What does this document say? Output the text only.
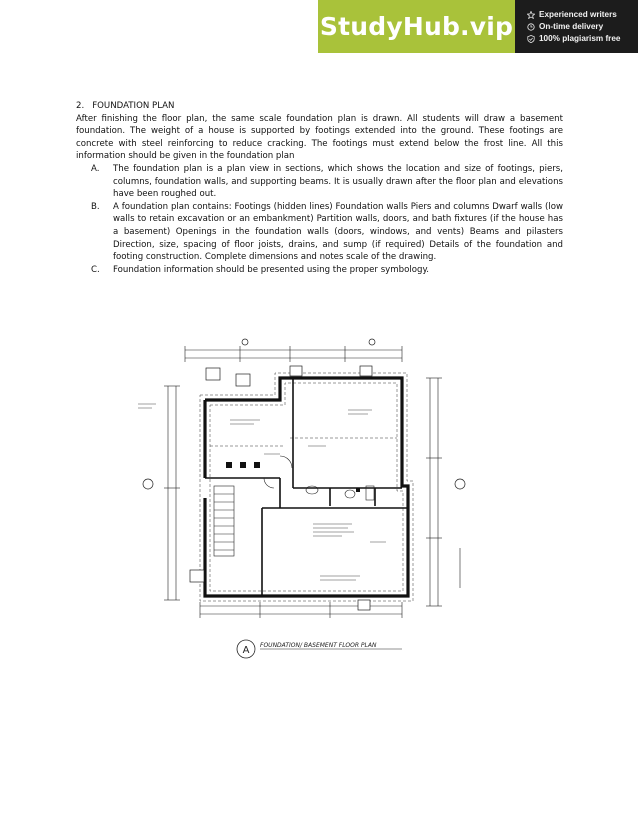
StudyHub.vip	Experienced writers
On-time delivery
100% plagiarism free
2. FOUNDATION PLAN
After finishing the floor plan, the same scale foundation plan is drawn. All students will draw a basement foundation. The weight of a house is supported by footings extended into the ground. These footings are concrete with steel reinforcing to reduce cracking. The footings must extend below the frost line. All this information should be given in the foundation plan
A.	The foundation plan is a plan view in sections, which shows the location and size of footings, piers, columns, foundation walls, and supporting beams. It is usually drawn after the floor plan and elevations have been roughed out.
B.	A foundation plan contains: Footings (hidden lines) Foundation walls Piers and columns Dwarf walls (low walls to retain excavation or an embankment) Partition walls, doors, and bath fixtures (if the house has a basement) Openings in the foundation walls (doors, windows, and vents) Beams and pilasters Direction, size, spacing of floor joists, drains, and sump (if required) Details of the foundation and footing construction. Complete dimensions and notes scale of the drawing.
C.	Foundation information should be presented using the proper symbology.
A FOUNDATION/ BASEMENT FLOOR PLAN
